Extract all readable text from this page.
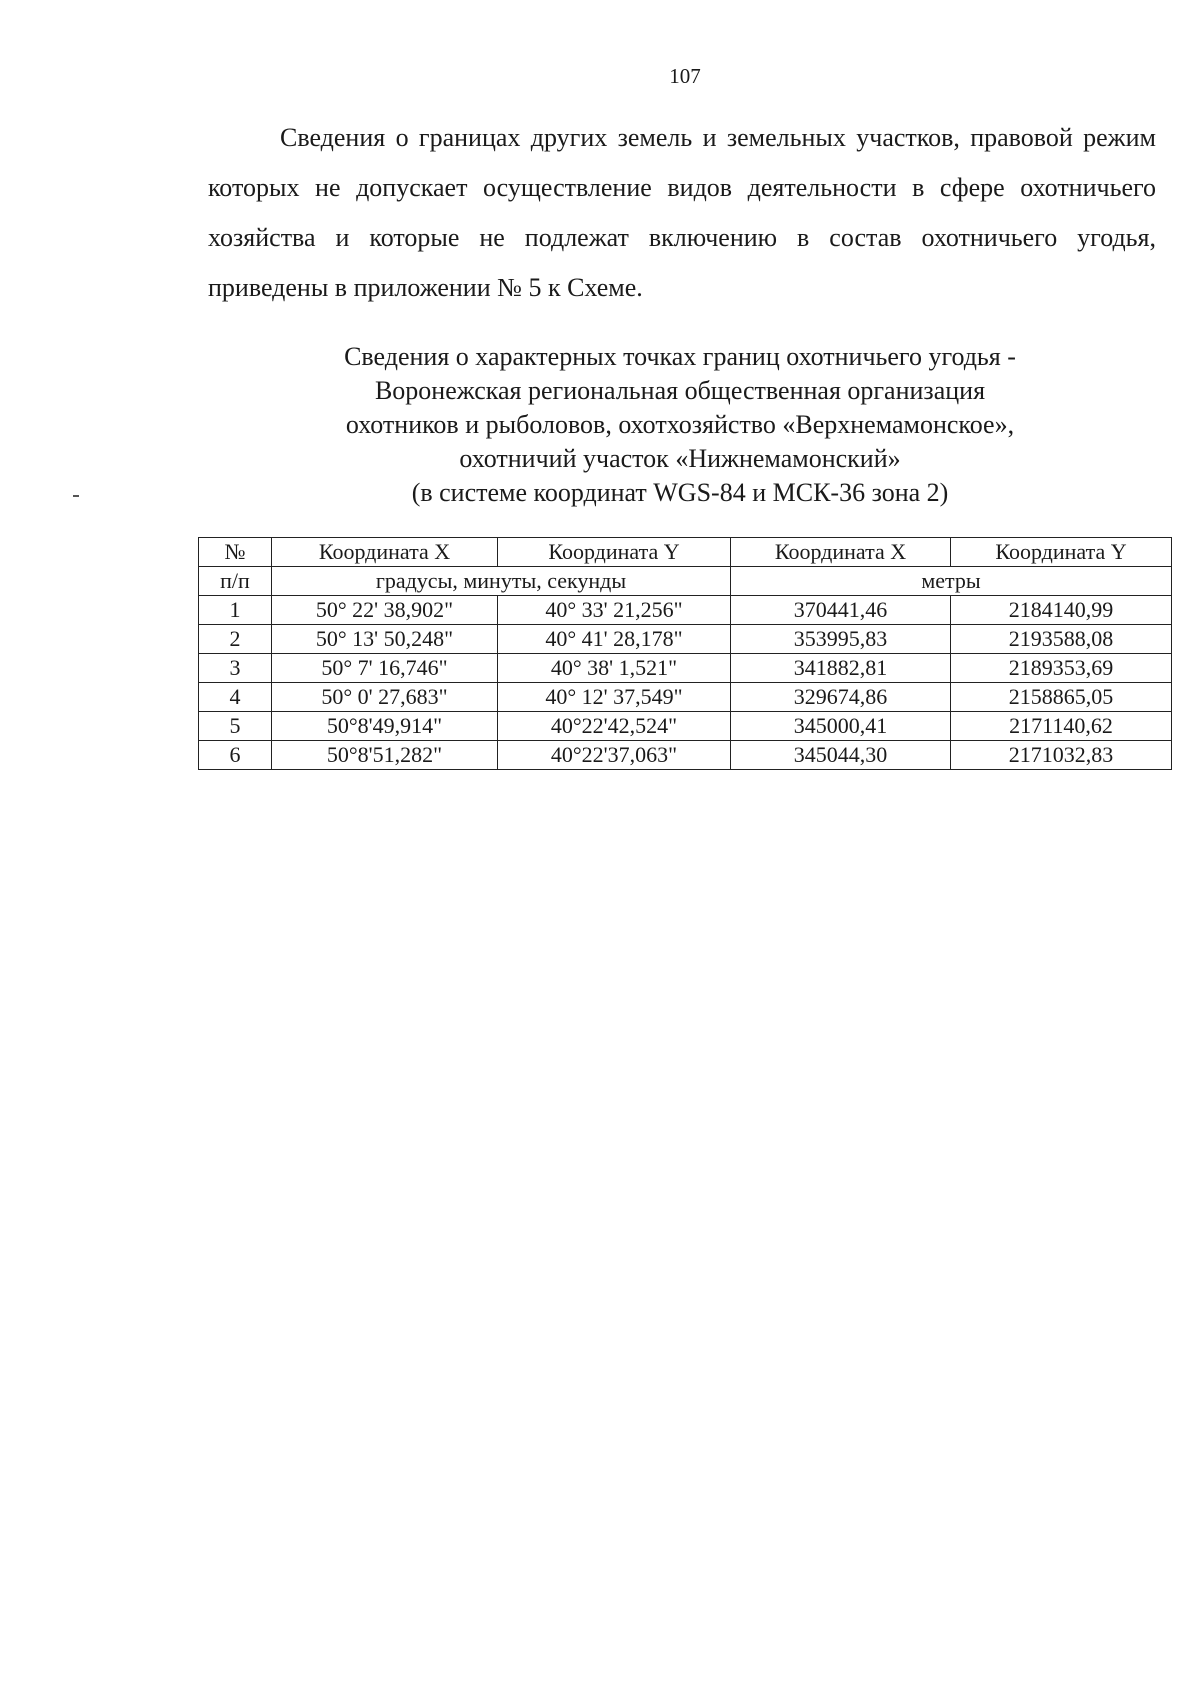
107

Сведения о границах других земель и земельных участков, правовой режим которых не допускает осуществление видов деятельности в сфере охотничьего хозяйства и которые не подлежат включению в состав охотничьего угодья, приведены в приложении № 5 к Схеме.

Сведения о характерных точках границ охотничьего угодья -
Воронежская региональная общественная организация
охотников и рыболовов, охотхозяйство «Верхнемамонское»,
охотничий участок «Нижнемамонский»
(в системе координат WGS-84 и МСК-36 зона 2)
№	Координата X	Координата Y	Координата X	Координата Y
п/п	градусы, минуты, секунды		метры	
1	50° 22' 38,902"	40° 33' 21,256"	370441,46	2184140,99
2	50° 13' 50,248"	40° 41' 28,178"	353995,83	2193588,08
3	50° 7' 16,746"	40° 38' 1,521"	341882,81	2189353,69
4	50° 0' 27,683"	40° 12' 37,549"	329674,86	2158865,05
5	50°8'49,914"	40°22'42,524"	345000,41	2171140,62
6	50°8'51,282"	40°22'37,063"	345044,30	2171032,83
